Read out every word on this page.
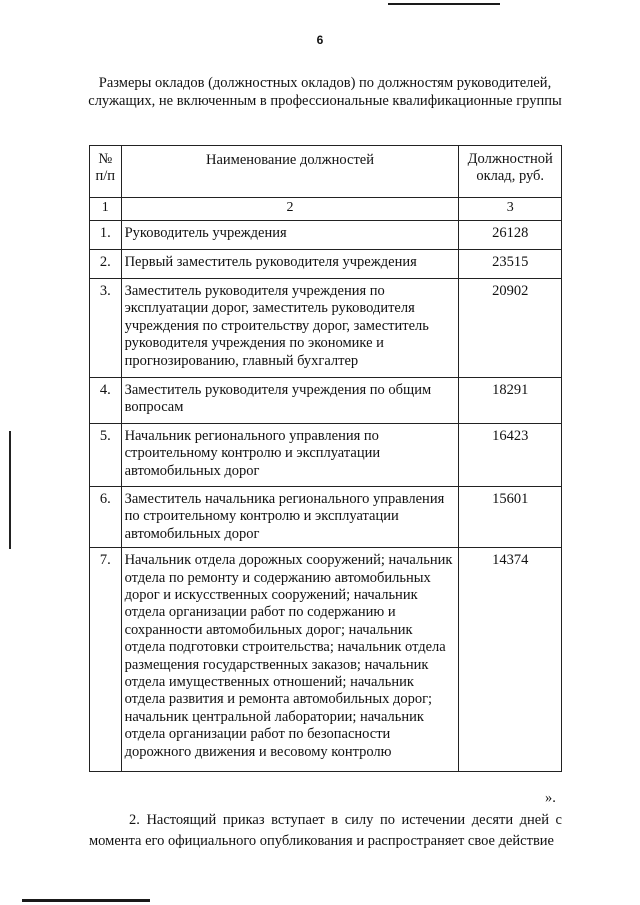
6
Размеры окладов (должностных окладов) по должностям руководителей, служащих, не включенным в профессиональные квалификационные группы
№ п/п	Наименование должностей	Должностной оклад, руб.
1	2	3
1.	Руководитель учреждения	26128
2.	Первый заместитель руководителя учреждения	23515
3.	Заместитель руководителя учреждения по эксплуатации дорог, заместитель руководителя учреждения по строительству дорог, заместитель руководителя учреждения по экономике и прогнозированию, главный бухгалтер	20902
4.	Заместитель руководителя учреждения по общим вопросам	18291
5.	Начальник регионального управления по строительному контролю и эксплуатации автомобильных дорог	16423
6.	Заместитель начальника регионального управления по строительному контролю и эксплуатации автомобильных дорог	15601
7.	Начальник отдела дорожных сооружений; начальник отдела по ремонту и содержанию автомобильных дорог и искусственных сооружений; начальник отдела организации работ по содержанию и сохранности автомобильных дорог; начальник отдела подготовки строительства; начальник отдела размещения государственных заказов; начальник отдела имущественных отношений; начальник отдела развития и ремонта автомобильных дорог; начальник центральной лаборатории; начальник отдела организации работ по безопасности дорожного движения и весовому контролю	14374
».
2. Настоящий приказ вступает в силу по истечении десяти дней с момента его официального опубликования и распространяет свое действие
